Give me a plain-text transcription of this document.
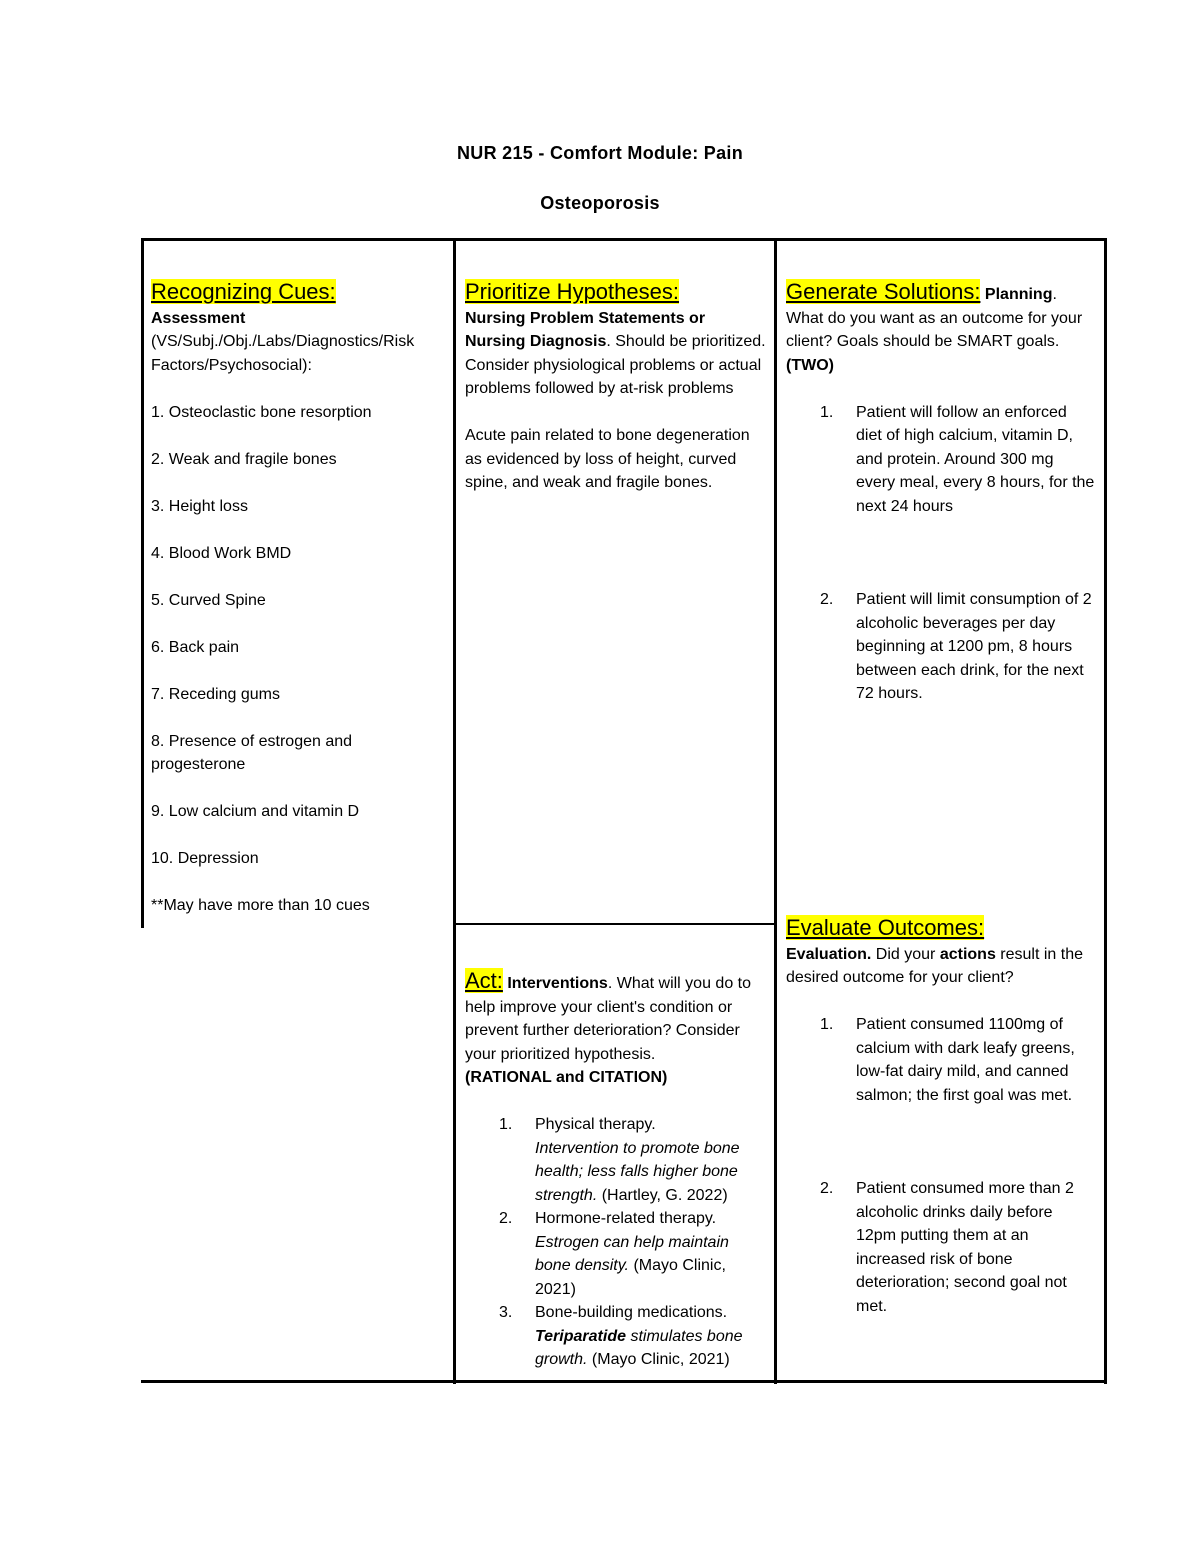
NUR 215 - Comfort Module: Pain
Osteoporosis

Recognizing Cues:

Assessment

(VS/Subj./Obj./Labs/Diagnostics/Risk Factors/Psychosocial):

1. Osteoclastic bone resorption

2. Weak and fragile bones

3. Height loss

4. Blood Work BMD

5. Curved Spine

6. Back pain

7. Receding gums

8. Presence of estrogen and progesterone

9. Low calcium and vitamin D

10. Depression

**May have more than 10 cues

Prioritize Hypotheses:

Nursing Problem Statements or Nursing Diagnosis. Should be prioritized. Consider physiological problems or actual problems followed by at-risk problems

Acute pain related to bone degeneration as evidenced by loss of height, curved spine, and weak and fragile bones.

Generate Solutions: Planning.

What do you want as an outcome for your client? Goals should be SMART goals. (TWO)

1. Patient will follow an enforced diet of high calcium, vitamin D, and protein. Around 300 mg every meal, every 8 hours, for the next 24 hours
2. Patient will limit consumption of 2 alcoholic beverages per day beginning at 1200 pm, 8 hours between each drink, for the next 72 hours.

Act: Interventions. What will you do to help improve your client's condition or prevent further deterioration? Consider your prioritized hypothesis.

(RATIONAL and CITATION)

1. Physical therapy.
Intervention to promote bone health; less falls higher bone strength. (Hartley, G. 2022)
2. Hormone-related therapy.
Estrogen can help maintain bone density. (Mayo Clinic, 2021)
3. Bone-building medications.
Teriparatide stimulates bone growth. (Mayo Clinic, 2021)

Evaluate Outcomes:

Evaluation. Did your actions result in the desired outcome for your client?

1. Patient consumed 1100mg of calcium with dark leafy greens, low-fat dairy mild, and canned salmon; the first goal was met.
2. Patient consumed more than 2 alcoholic drinks daily before 12pm putting them at an increased risk of bone deterioration; second goal not met.
